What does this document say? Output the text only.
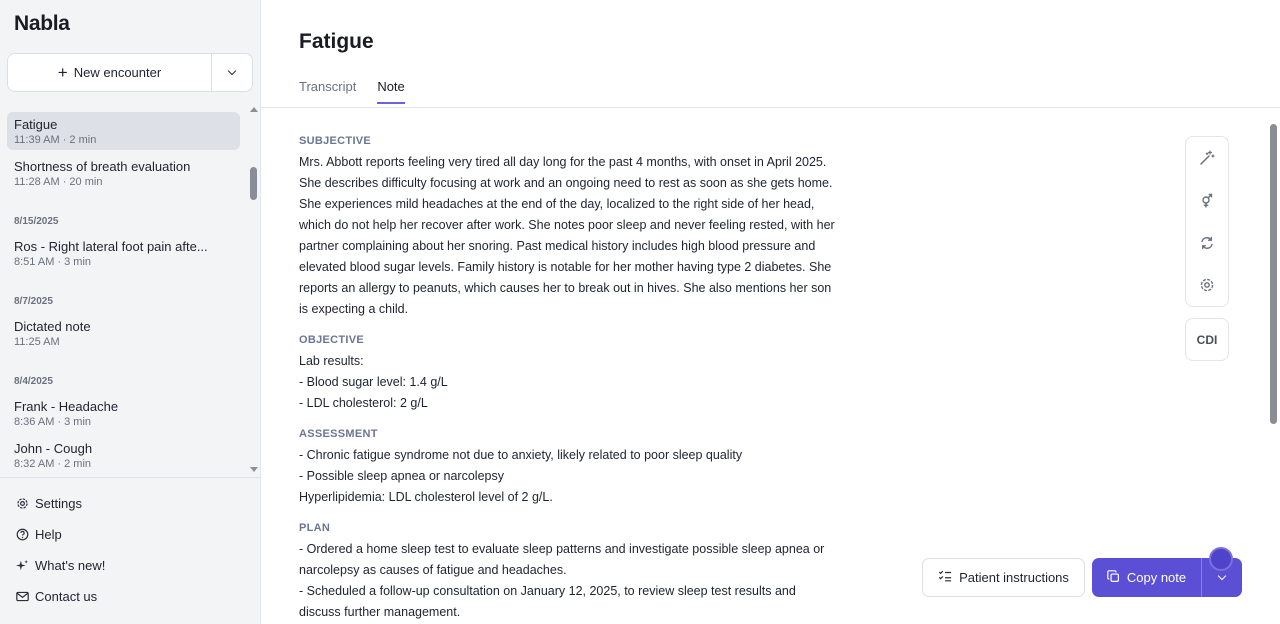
Nabla
+ New encounter
Fatigue
11:39 AM · 2 min
Shortness of breath evaluation
11:28 AM · 20 min
8/15/2025
Ros - Right lateral foot pain afte...
8:51 AM · 3 min
8/7/2025
Dictated note
11:25 AM
8/4/2025
Frank - Headache
8:36 AM · 3 min
John - Cough
8:32 AM · 2 min
Settings
Help
What's new!
Contact us
Fatigue
Transcript Note
SUBJECTIVE
Mrs. Abbott reports feeling very tired all day long for the past 4 months, with onset in April 2025. She describes difficulty focusing at work and an ongoing need to rest as soon as she gets home. She experiences mild headaches at the end of the day, localized to the right side of her head, which do not help her recover after work. She notes poor sleep and never feeling rested, with her partner complaining about her snoring. Past medical history includes high blood pressure and elevated blood sugar levels. Family history is notable for her mother having type 2 diabetes. She reports an allergy to peanuts, which causes her to break out in hives. She also mentions her son is expecting a child.
OBJECTIVE
Lab results:
- Blood sugar level: 1.4 g/L
- LDL cholesterol: 2 g/L
ASSESSMENT
- Chronic fatigue syndrome not due to anxiety, likely related to poor sleep quality
- Possible sleep apnea or narcolepsy
Hyperlipidemia: LDL cholesterol level of 2 g/L.
PLAN
- Ordered a home sleep test to evaluate sleep patterns and investigate possible sleep apnea or narcolepsy as causes of fatigue and headaches.
- Scheduled a follow-up consultation on January 12, 2025, to review sleep test results and discuss further management.
CDI
Patient instructions	Copy note
